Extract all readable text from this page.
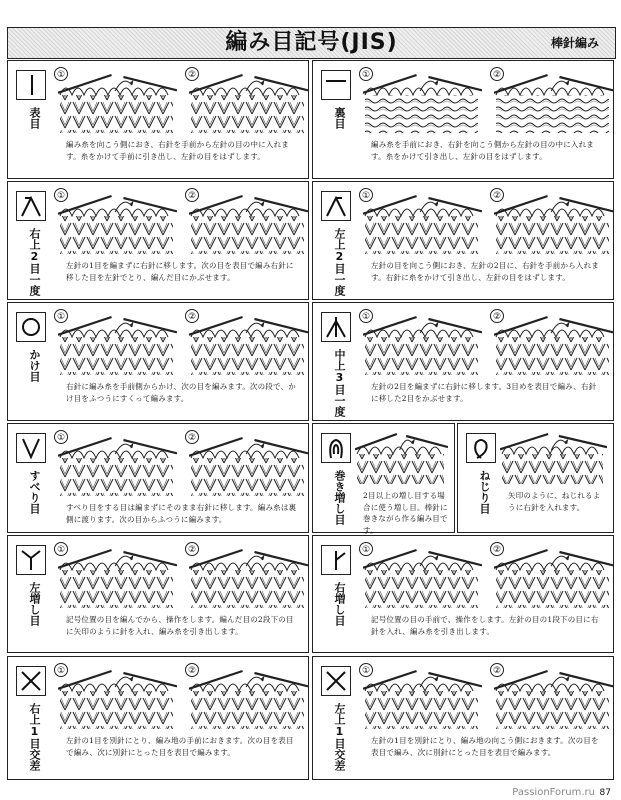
編み目記号(JIS)	棒針編み
表目
①	②
編み糸を向こう側におき、右針を手前から左針の目の中に入れます。糸をかけて手前に引き出し、左針の目をはずします。
裏目
①	②
編み糸を手前におき、右針を向こう側から左針の目の中に入れます。糸をかけて引き出し、左針の目をはずします。
右上2目一度
①	②
左針の1目を編まずに右針に移します。次の目を表目で編み右針に移した目を左針でとり、編んだ目にかぶせます。	左上2目一度
①	②
左針の目を向こう側におき、左針の2目に、右針を手前から入れます。右針に糸をかけて引き出し、左針の目をはずします。
かけ目
①	②
右針に編み糸を手前側からかけ、次の目を編みます。次の段で、かけ目をふつうにすくって編みます。	中上3目一度
①	②
左針の2目を編まずに右針に移します。3目めを表目で編み、右針に移した2目をかぶせます。
すべり目
①	②
すべり目をする目は編まずにそのまま右針に移します。編み糸は裏側に渡ります。次の目からふつうに編みます。	巻き増し目 2目以上の増し目する場合に使う増し目。棒針に巻きながら作る編み目です。
ねじり目 矢印のように、ねじれるように右針を入れます。
左増し目
①	②
記号位置の目を編んでから、操作をします。編んだ目の2段下の目に矢印のように針を入れ、編み糸を引き出します。
右増し目
①	②
記号位置の目の手前で、操作をします。左針の目の1段下の目に右針を入れ、編み糸を引き出します。
右上1目交差
①	②
左針の1目を別針にとり、編み地の手前におきます。次の目を表目で編み、次に別針にとった目を表目で編みます。	左上1目交差
①	②
左針の1目を別針にとり、編み地の向こう側におきます。次の目を表目で編み、次に別針にとった目を表目で編みます。
PassionForum.ru 87
